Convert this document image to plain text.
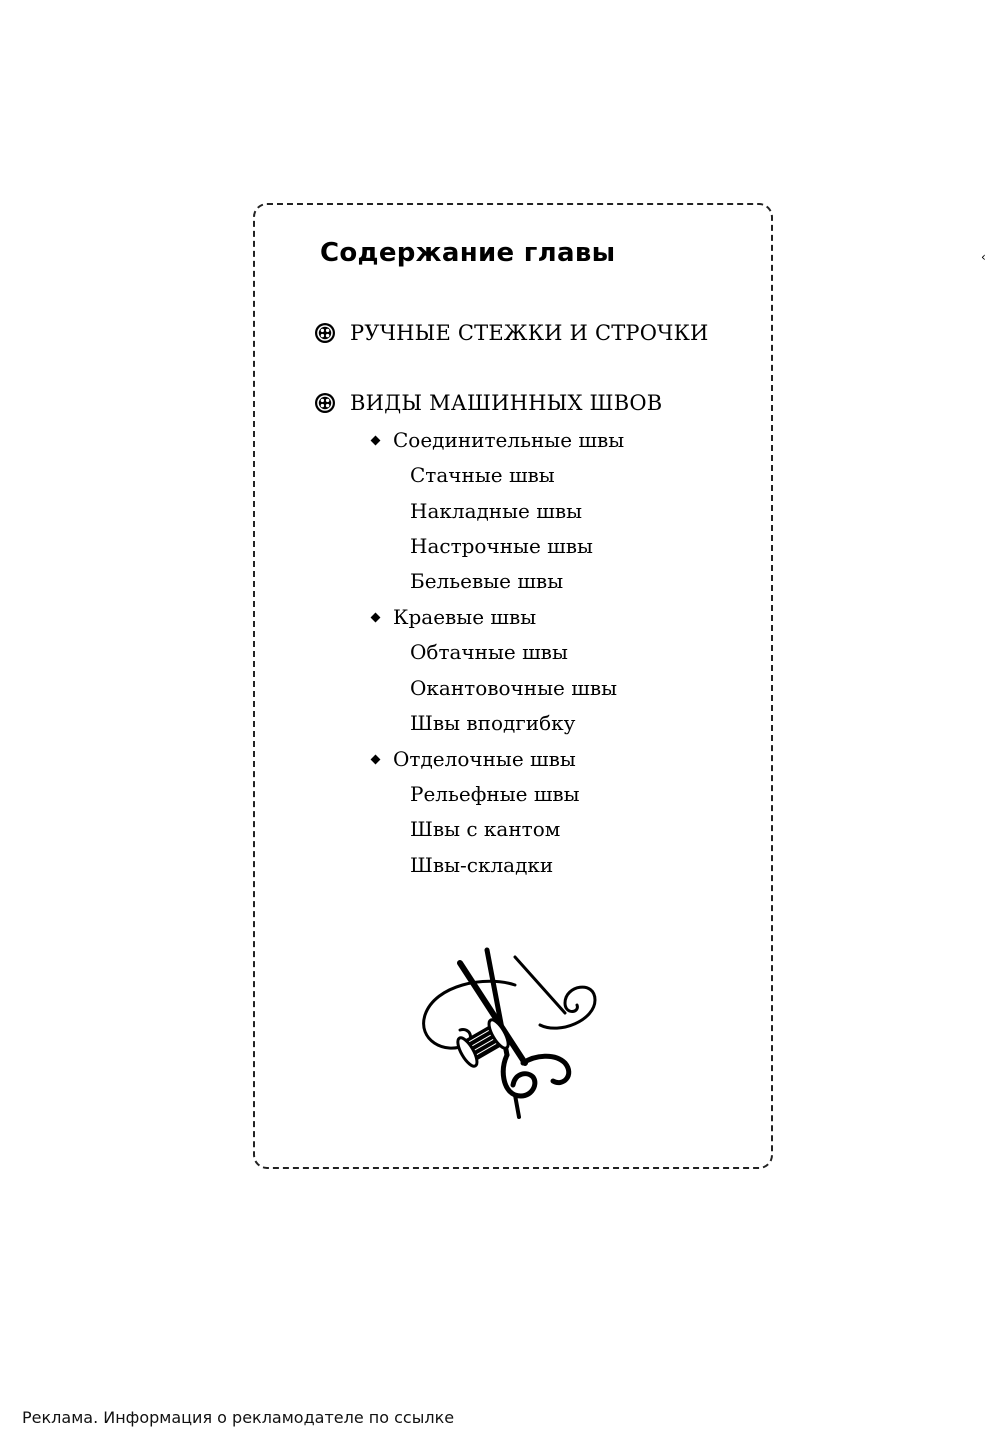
Содержание главы
РУЧНЫЕ СТЕЖКИ И СТРОЧКИ
ВИДЫ МАШИННЫХ ШВОВ
Соединительные швы
Стачные швы
Накладные швы
Настрочные швы
Бельевые швы
Краевые швы
Обтачные швы
Окантовочные швы
Швы вподгибку
Отделочные швы
Рельефные швы
Швы с кантом
Швы-складки
‹
Реклама. Информация о рекламодателе по ссылке
